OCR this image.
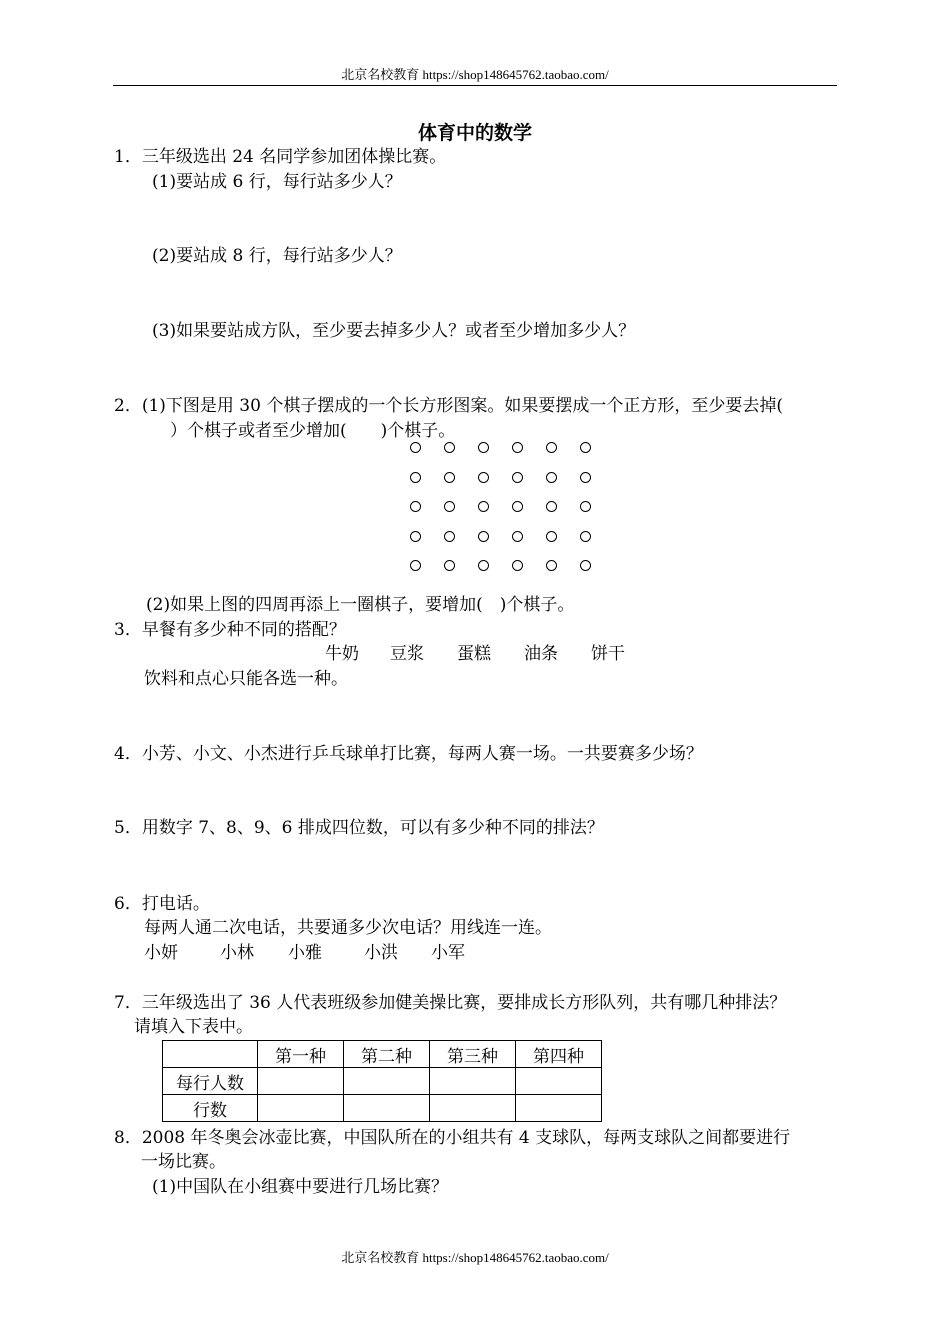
北京名校教育 https://shop148645762.taobao.com/
体育中的数学
1．三年级选出 24 名同学参加团体操比赛。
(1)要站成 6 行，每行站多少人？
(2)要站成 8 行，每行站多少人？
(3)如果要站成方队，至少要去掉多少人？或者至少增加多少人？
2．(1)下图是用 30 个棋子摆成的一个长方形图案。如果要摆成一个正方形，至少要去掉(
）个棋子或者至少增加(　　)个棋子。
(2)如果上图的四周再添上一圈棋子，要增加(　)个棋子。
3．早餐有多少种不同的搭配？
牛奶 豆浆 蛋糕 油条 饼干
饮料和点心只能各选一种。
4．小芳、小文、小杰进行乒乓球单打比赛，每两人赛一场。一共要赛多少场？
5．用数字 7、8、9、6 排成四位数，可以有多少种不同的排法？
6．打电话。
每两人通二次电话，共要通多少次电话？用线连一连。
小妍 小林 小雅 小洪 小军
7．三年级选出了 36 人代表班级参加健美操比赛，要排成长方形队列，共有哪几种排法？
请填入下表中。
	第一种	第二种	第三种	第四种
每行人数				
行数				
8．2008 年冬奥会冰壶比赛，中国队所在的小组共有 4 支球队，每两支球队之间都要进行
一场比赛。
(1)中国队在小组赛中要进行几场比赛？
北京名校教育 https://shop148645762.taobao.com/
